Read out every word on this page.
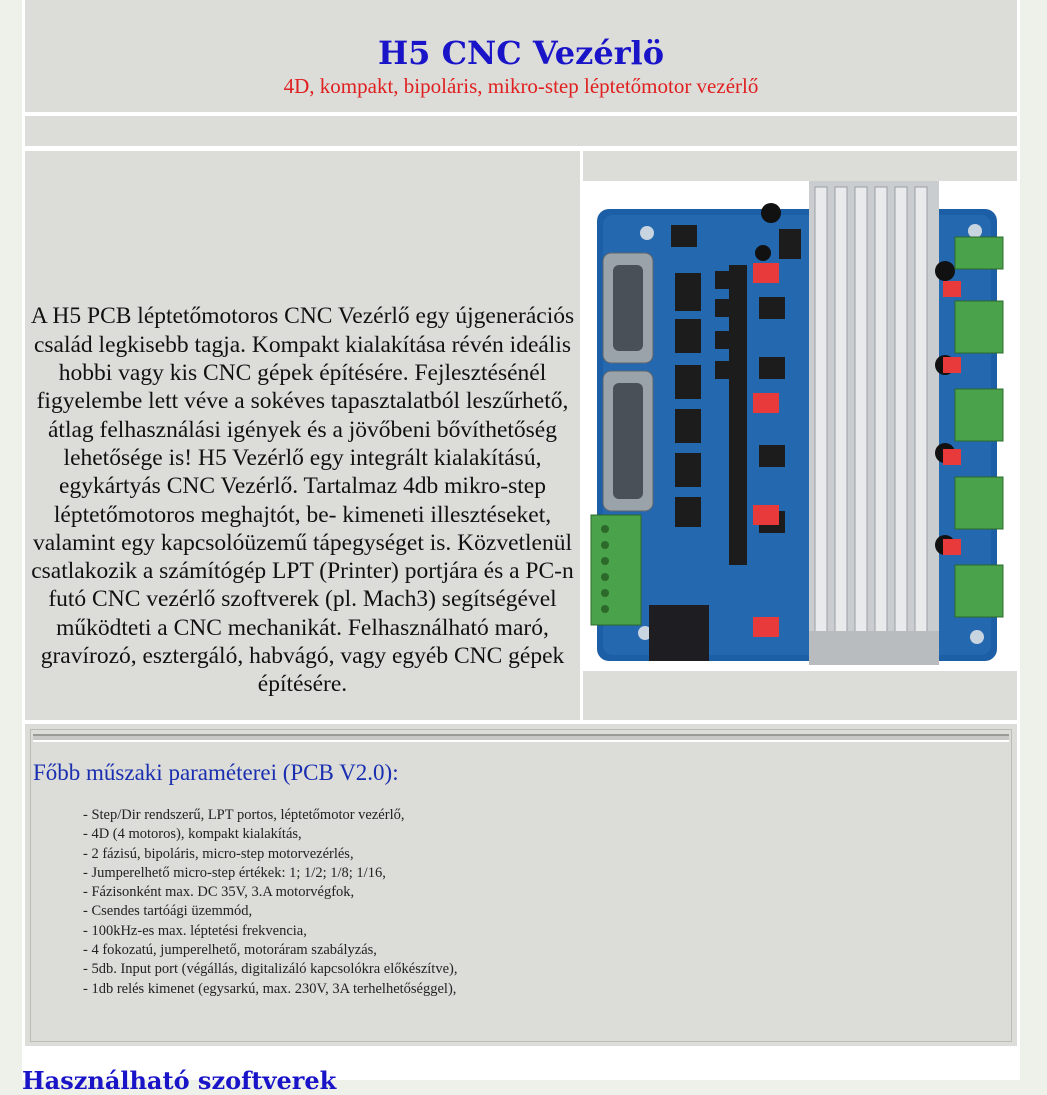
H5 CNC Vezérlö
4D, kompakt, bipoláris, mikro-step léptetőmotor vezérlő

A H5 PCB léptetőmotoros CNC Vezérlő egy újgenerációs család legkisebb tagja. Kompakt kialakítása révén ideális hobbi vagy kis CNC gépek építésére. Fejlesztésénél figyelembe lett véve a sokéves tapasztalatból leszűrhető, átlag felhasználási igények és a jövőbeni bővíthetőség lehetősége is! H5 Vezérlő egy integrált kialakítású, egykártyás CNC Vezérlő. Tartalmaz 4db mikro-step léptetőmotoros meghajtót, be- kimeneti illesztéseket, valamint egy kapcsolóüzemű tápegységet is. Közvetlenül csatlakozik a számítógép LPT (Printer) portjára és a PC-n futó CNC vezérlő szoftverek (pl. Mach3) segítségével működteti a CNC mechanikát. Felhasználható maró, gravírozó, esztergáló, habvágó, vagy egyéb CNC gépek építésére.

Főbb műszaki paraméterei (PCB V2.0):
- Step/Dir rendszerű, LPT portos, léptetőmotor vezérlő,
- 4D (4 motoros), kompakt kialakítás,
- 2 fázisú, bipoláris, micro-step motorvezérlés,
- Jumperelhető micro-step értékek: 1; 1/2; 1/8; 1/16,
- Fázisonként max. DC 35V, 3.A motorvégfok,
- Csendes tartóági üzemmód,
- 100kHz-es max. léptetési frekvencia,
- 4 fokozatú, jumperelhető, motoráram szabályzás,
- 5db. Input port (végállás, digitalizáló kapcsolókra előkészítve),
- 1db relés kimenet (egysarkú, max. 230V, 3A terhelhetőséggel),
Használható szoftverek
